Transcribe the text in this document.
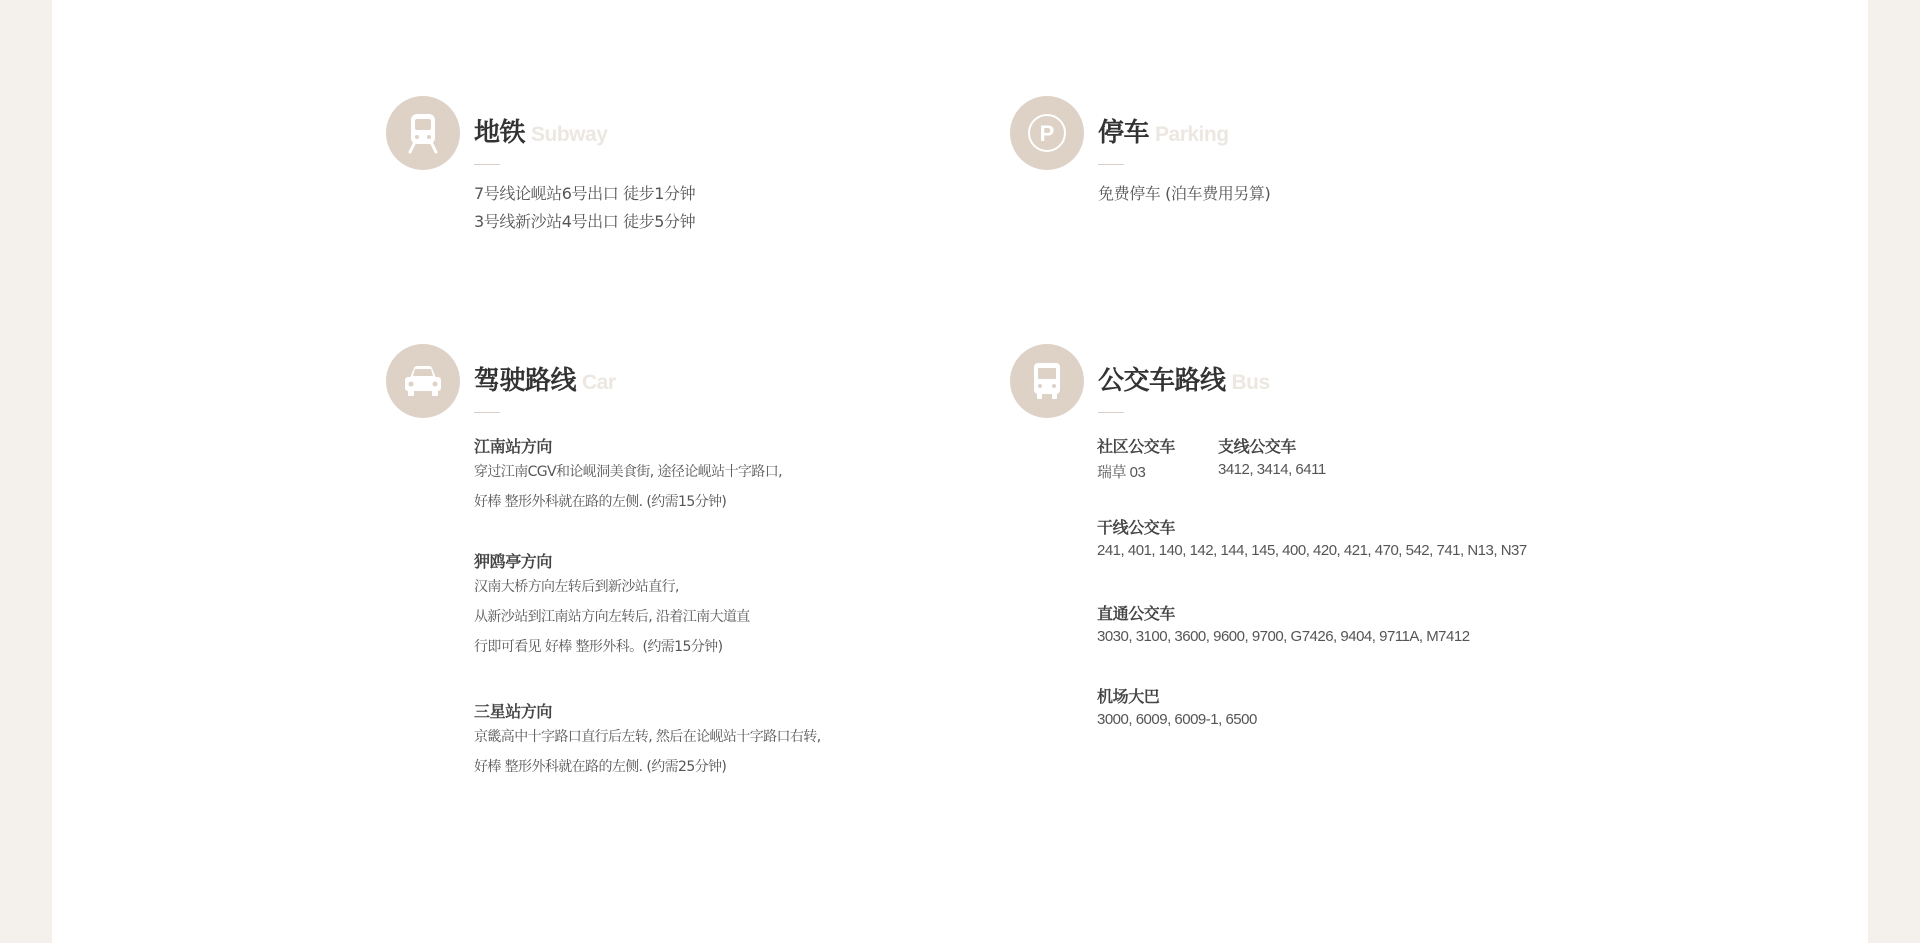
地铁 Subway
7号线论岘站6号出口 徒步1分钟
3号线新沙站4号出口 徒步5分钟
P 停车 Parking
免费停车 (泊车费用另算)
驾驶路线 Car
江南站方向
穿过江南CGV和论岘洞美食街, 途径论岘站十字路口,
好棒 整形外科就在路的左侧. (约需15分钟)
狎鸥亭方向
汉南大桥方向左转后到新沙站直行,
从新沙站到江南站方向左转后, 沿着江南大道直
行即可看见 好棒 整形外科。(约需15分钟)
三星站方向
京畿高中十字路口直行后左转, 然后在论岘站十字路口右转,
好棒 整形外科就在路的左侧. (约需25分钟)
公交车路线 Bus
社区公交车
瑞草 03
支线公交车
3412, 3414, 6411
干线公交车
241, 401, 140, 142, 144, 145, 400, 420, 421, 470, 542, 741, N13, N37
直通公交车
3030, 3100, 3600, 9600, 9700, G7426, 9404, 9711A, M7412
机场大巴
3000, 6009, 6009-1, 6500
